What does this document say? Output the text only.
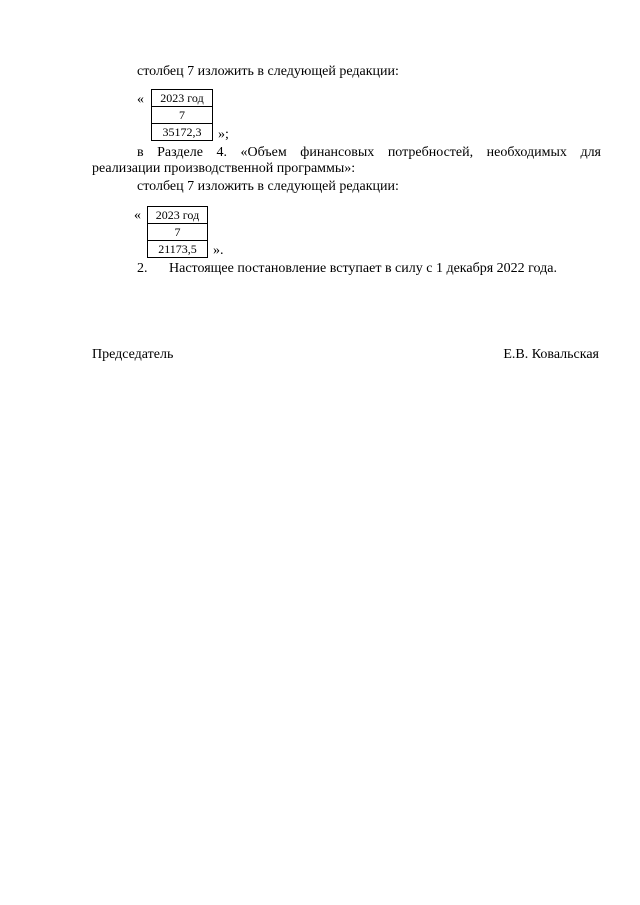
столбец 7 изложить в следующей редакции:
« 2023 год
7
35172,3 »;
в Разделе 4. «Объем финансовых потребностей, необходимых для
реализации производственной программы»:
столбец 7 изложить в следующей редакции:
« 2023 год
7
21173,5 ».
2. Настоящее постановление вступает в силу с 1 декабря 2022 года.
Председатель	Е.В. Ковальская
